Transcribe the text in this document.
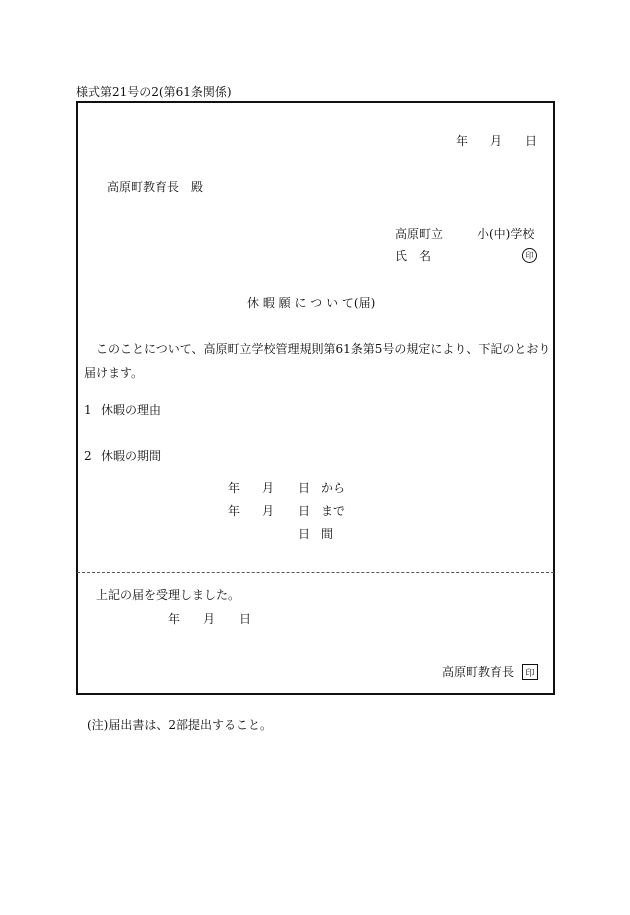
様式第21号の2(第61条関係)
年 月 日
高原町教育長　殿
高原町立	小(中)学校
氏　名	印
休 暇 願 に つ い て(届)
このことについて、高原町立学校管理規則第61条第5号の規定により、下記のとおり
届けます。
1 休暇の理由
2 休暇の期間
年 月 日 から
年 月 日 まで
日 間
上記の届を受理しました。
年 月 日
高原町教育長 印
(注)届出書は、2部提出すること。
